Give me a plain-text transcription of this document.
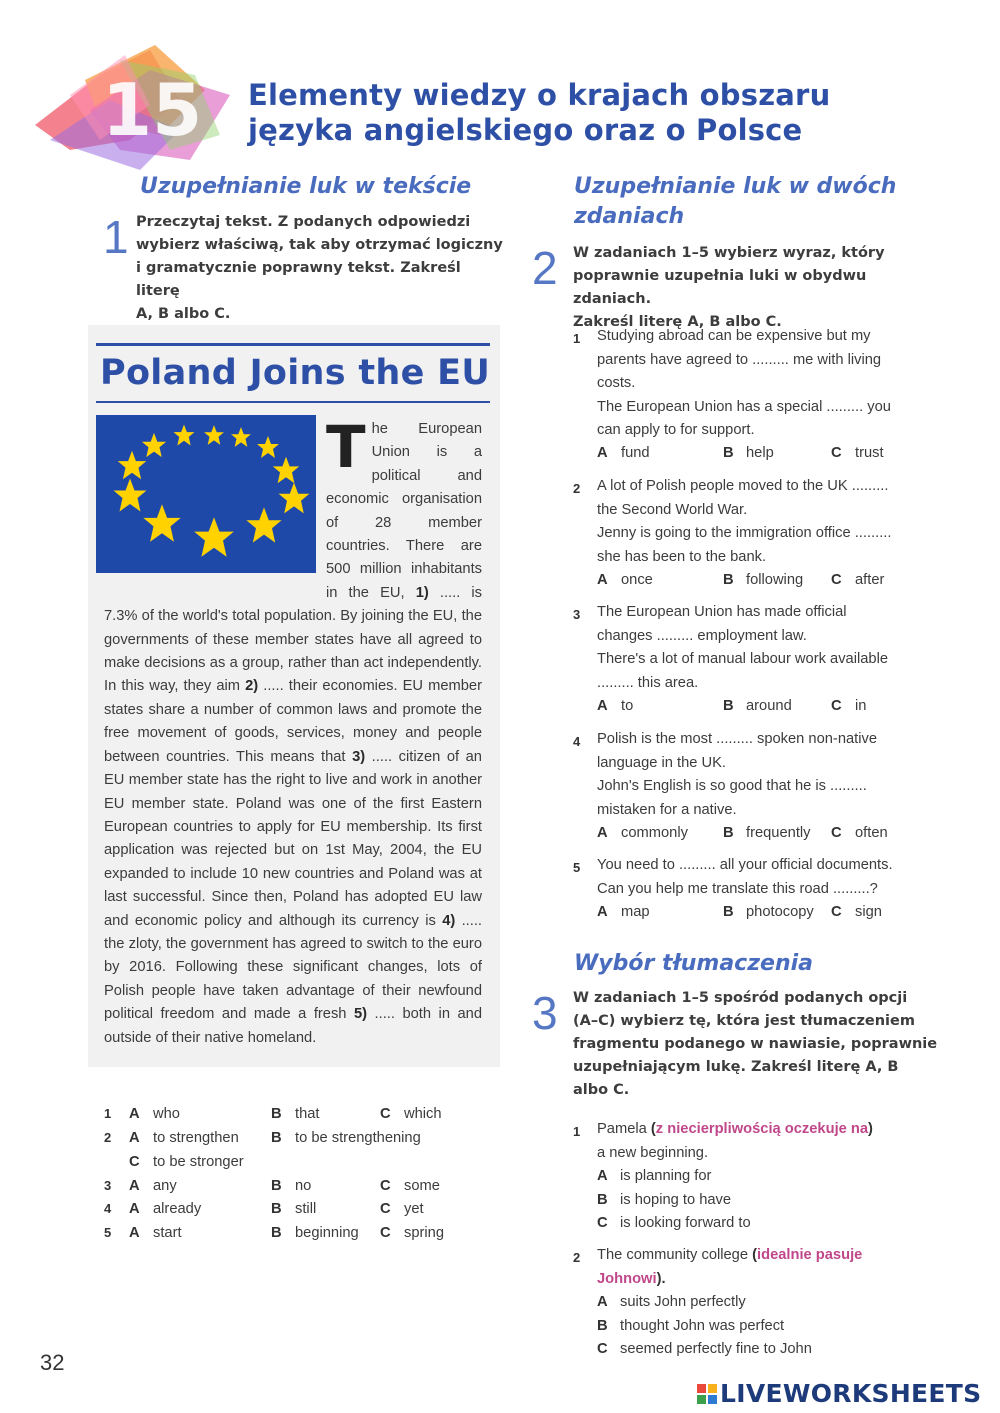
15 Elementy wiedzy o krajach obszaru
języka angielskiego oraz o Polsce
Uzupełnianie luk w tekście
1 Przeczytaj tekst. Z podanych odpowiedzi
wybierz właściwą, tak aby otrzymać logiczny
i gramatycznie poprawny tekst. Zakreśl literę
A, B albo C.
Poland Joins the EU
The European Union is a political and economic organisation of 28 member countries. There are 500 million inhabitants in the EU, 1) ..... is 7.3% of the world's total population. By joining the EU, the governments of these member states have all agreed to make decisions as a group, rather than act independently. In this way, they aim 2) ..... their economies. EU member states share a number of common laws and promote the free movement of goods, services, money and people between countries. This means that 3) ..... citizen of an EU member state has the right to live and work in another EU member state. Poland was one of the first Eastern European countries to apply for EU membership. Its first application was rejected but on 1st May, 2004, the EU expanded to include 10 new countries and Poland was at last successful. Since then, Poland has adopted EU law and economic policy and although its currency is 4) ..... the zloty, the government has agreed to switch to the euro by 2016. Following these significant changes, lots of Polish people have taken advantage of their newfound political freedom and made a fresh 5) ..... both in and outside of their native homeland.
1 A who	B that	C which
2 A to strengthen B to be strengthening
C to be stronger
3 A any	B no	C some
4 A already	B still	C yet
5 A start	B beginning C spring
Uzupełnianie luk w dwóch
zdaniach
2 W zadaniach 1–5 wybierz wyraz, który
poprawnie uzupełnia luki w obydwu zdaniach.
Zakreśl literę A, B albo C.
1 Studying abroad can be expensive but my
parents have agreed to ......... me with living
costs.
The European Union has a special ......... you
can apply to for support.
A fund	B help	C trust
2 A lot of Polish people moved to the UK .........
the Second World War.
Jenny is going to the immigration office .........
she has been to the bank.
A once	B following C after
3 The European Union has made official
changes ......... employment law.
There's a lot of manual labour work available
......... this area.
A to	B around	C in
4 Polish is the most ......... spoken non-native
language in the UK.
John's English is so good that he is .........
mistaken for a native.
A commonly B frequently C often
5 You need to ......... all your official documents.
Can you help me translate this road .........?
A map	B photocopy C sign
Wybór tłumaczenia
3 W zadaniach 1–5 spośród podanych opcji
(A–C) wybierz tę, która jest tłumaczeniem
fragmentu podanego w nawiasie, poprawnie
uzupełniającym lukę. Zakreśl literę A, B
albo C.
1 Pamela (z niecierpliwością oczekuje na)
a new beginning.
A is planning for
B is hoping to have
C is looking forward to
2 The community college (idealnie pasuje
Johnowi).
A suits John perfectly
B thought John was perfect
C seemed perfectly fine to John
32
LIVEWORKSHEETS
